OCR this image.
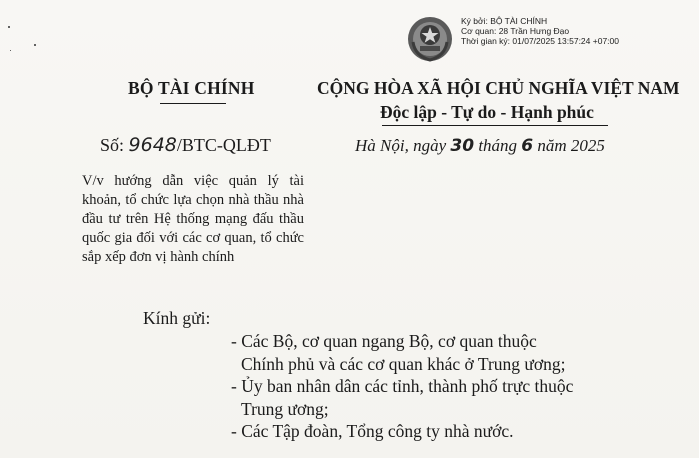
Ký bởi: BỘ TÀI CHÍNH
Cơ quan: 28 Trần Hưng Đạo
Thời gian ký: 01/07/2025 13:57:24 +07:00
BỘ TÀI CHÍNH	CỘNG HÒA XÃ HỘI CHỦ NGHĨA VIỆT NAM
Độc lập - Tự do - Hạnh phúc
Số: 9648/BTC-QLĐT	Hà Nội, ngày 30 tháng 6 năm 2025
V/v hướng dẫn việc quản lý tài khoản, tổ chức lựa chọn nhà thầu nhà đầu tư trên Hệ thống mạng đấu thầu quốc gia đối với các cơ quan, tổ chức sắp xếp đơn vị hành chính
Kính gửi:
- Các Bộ, cơ quan ngang Bộ, cơ quan thuộc
Chính phủ và các cơ quan khác ở Trung ương;
- Ủy ban nhân dân các tỉnh, thành phố trực thuộc
Trung ương;
- Các Tập đoàn, Tổng công ty nhà nước.
